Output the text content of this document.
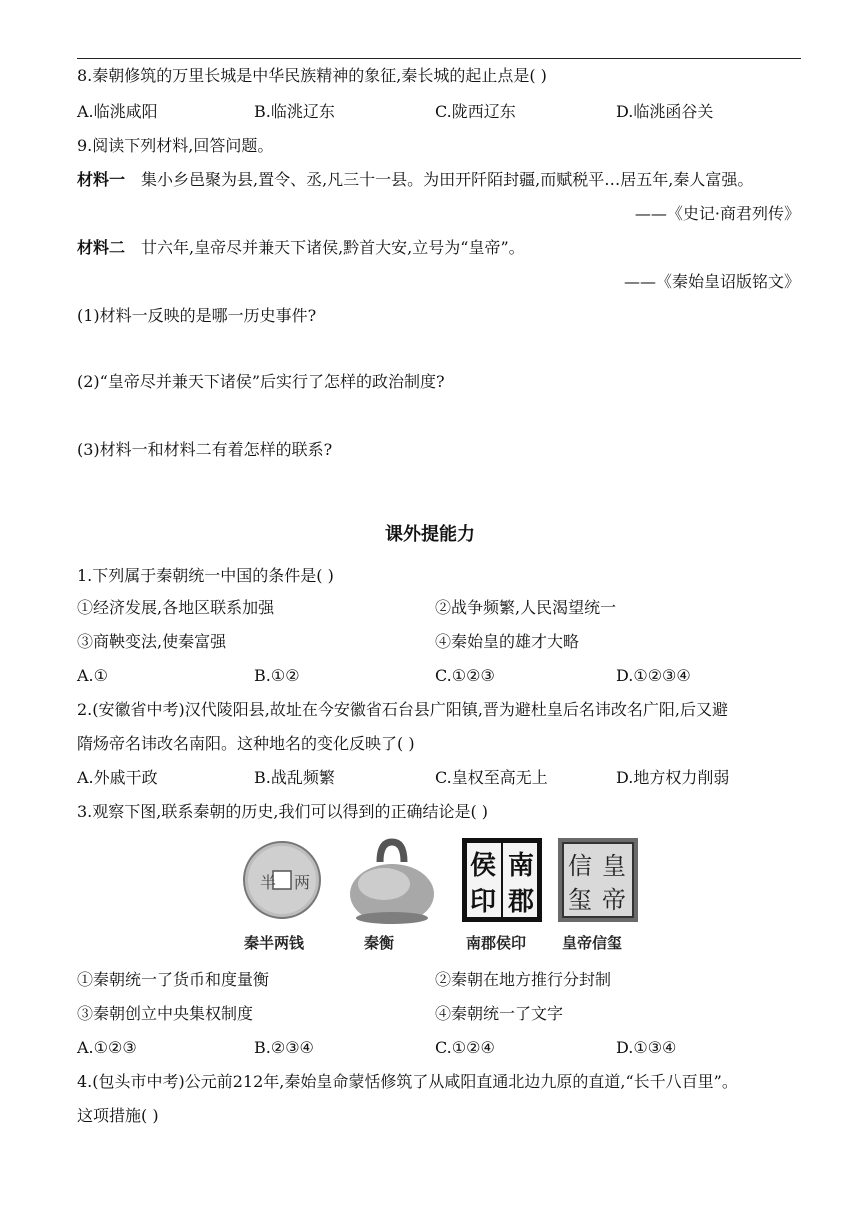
8.秦朝修筑的万里长城是中华民族精神的象征,秦长城的起止点是( )
A.临洮咸阳	B.临洮辽东	C.陇西辽东	D.临洮函谷关
9.阅读下列材料,回答问题。
材料一 集小乡邑聚为县,置令、丞,凡三十一县。为田开阡陌封疆,而赋税平…居五年,秦人富强。
——《史记·商君列传》
材料二 廿六年,皇帝尽并兼天下诸侯,黔首大安,立号为“皇帝”。
——《秦始皇诏版铭文》
(1)材料一反映的是哪一历史事件?
(2)“皇帝尽并兼天下诸侯”后实行了怎样的政治制度?
(3)材料一和材料二有着怎样的联系?
课外提能力
1.下列属于秦朝统一中国的条件是( )
①经济发展,各地区联系加强	②战争频繁,人民渴望统一
③商鞅变法,使秦富强	④秦始皇的雄才大略
A.①	B.①②	C.①②③	D.①②③④
2.(安徽省中考)汉代陵阳县,故址在今安徽省石台县广阳镇,晋为避杜皇后名讳改名广阳,后又避
隋炀帝名讳改名南阳。这种地名的变化反映了( )
A.外戚干政	B.战乱频繁	C.皇权至高无上	D.地方权力削弱
3.观察下图,联系秦朝的历史,我们可以得到的正确结论是( )
半 两
南
郡
侯
印
皇
帝
信
玺
秦半两钱	秦衡	南郡侯印 皇帝信玺
①秦朝统一了货币和度量衡	②秦朝在地方推行分封制
③秦朝创立中央集权制度	④秦朝统一了文字
A.①②③	B.②③④	C.①②④	D.①③④
4.(包头市中考)公元前212年,秦始皇命蒙恬修筑了从咸阳直通北边九原的直道,“长千八百里”。
这项措施( )
